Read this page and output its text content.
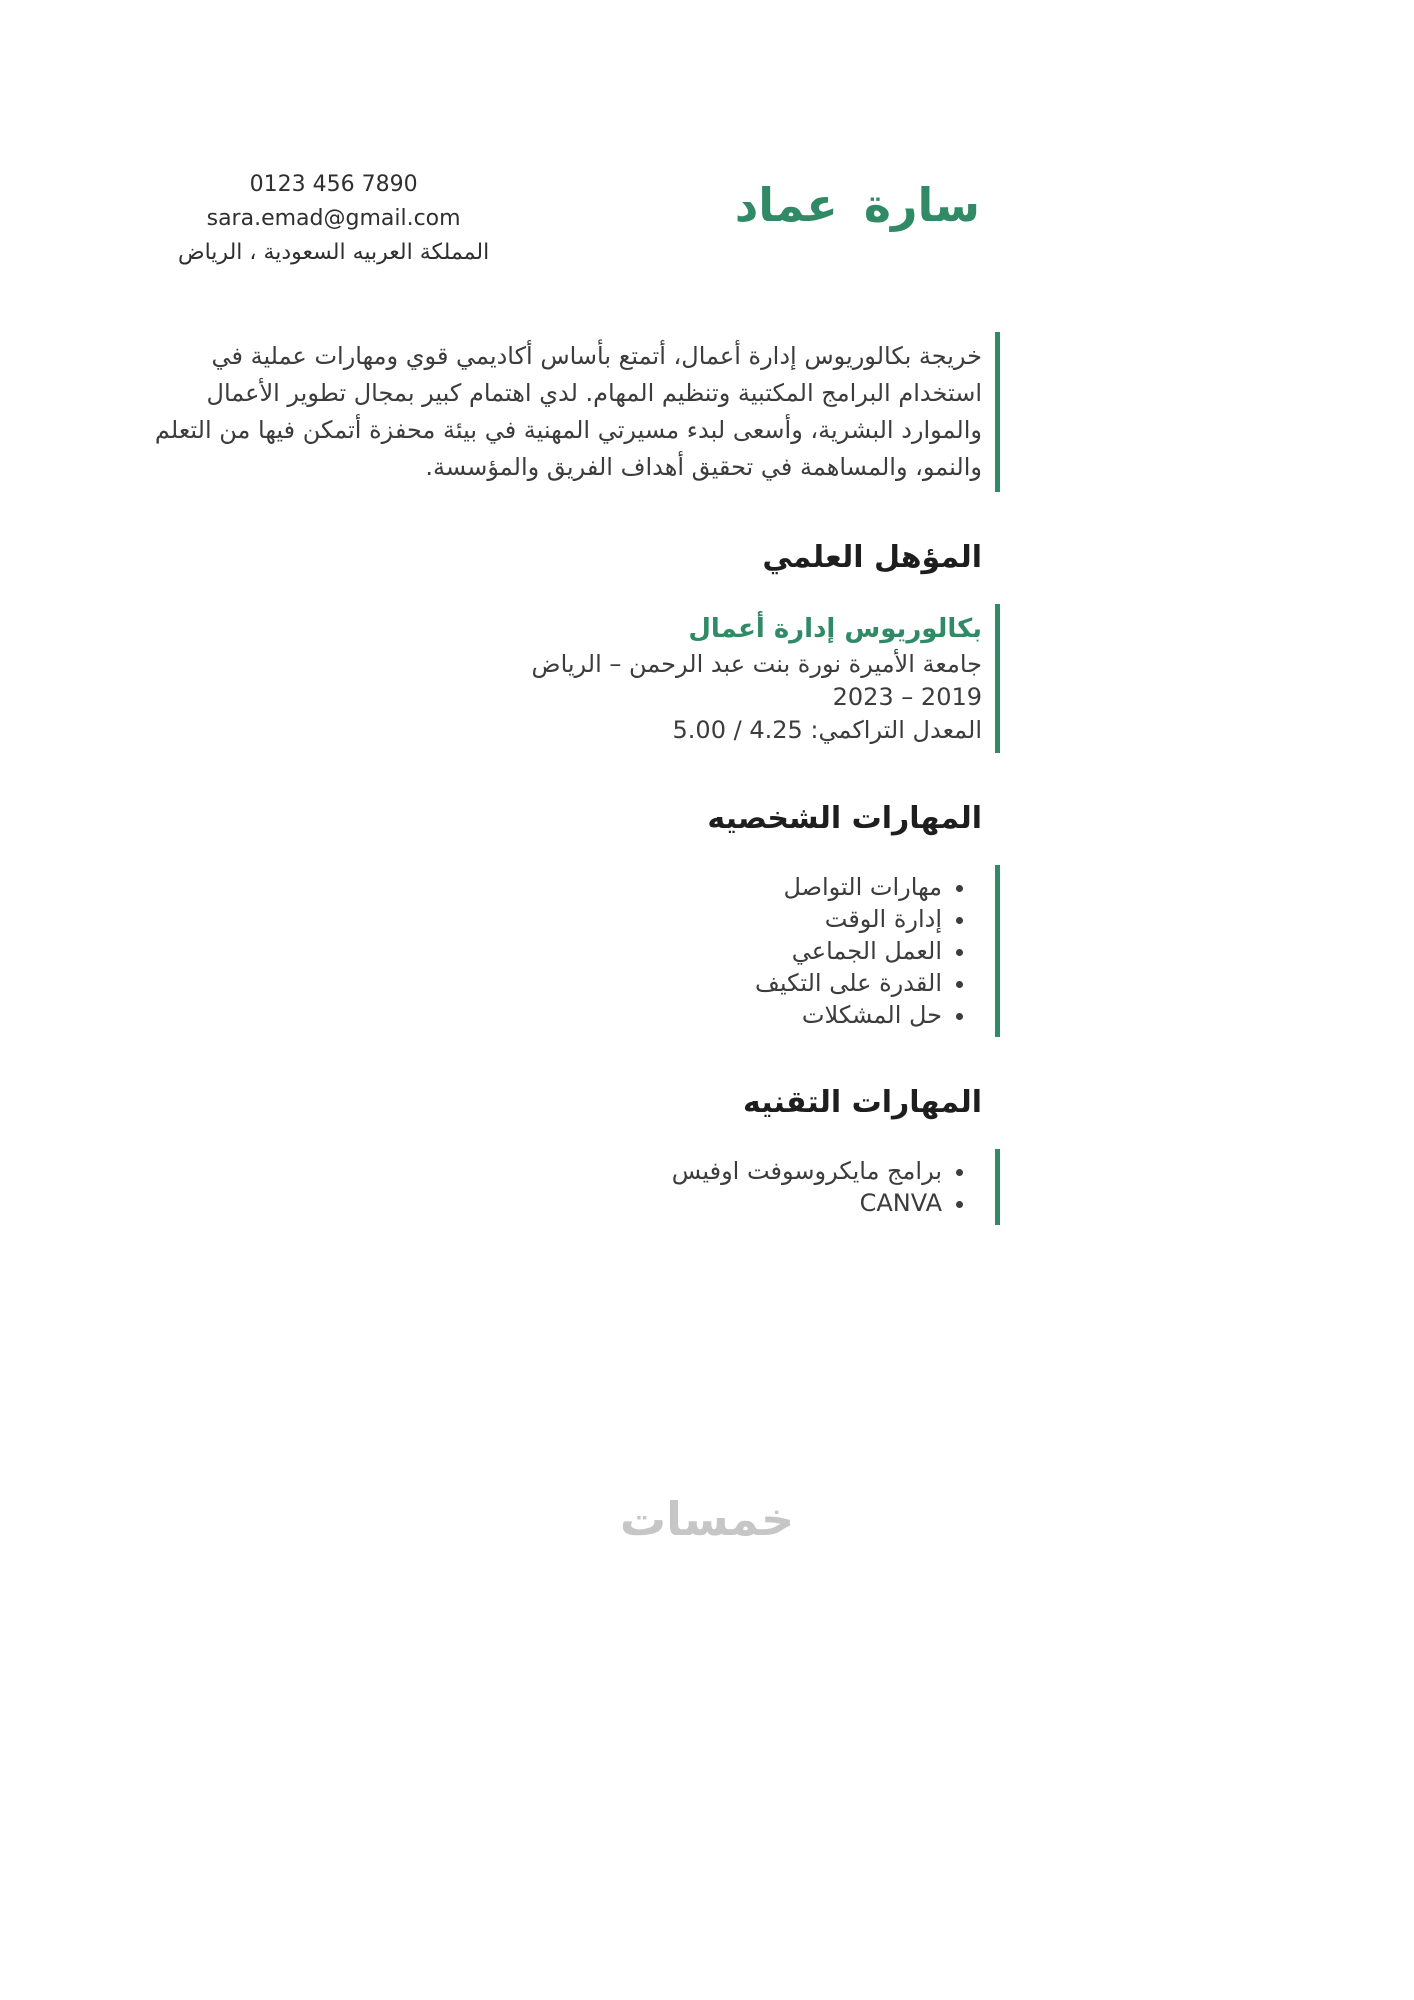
سارة عماد
0123 456 7890
sara.emad@gmail.com
المملكة العربيه السعودية ، الرياض

خريجة بكالوريوس إدارة أعمال، أتمتع بأساس أكاديمي قوي ومهارات عملية في استخدام البرامج المكتبية وتنظيم المهام. لدي اهتمام كبير بمجال تطوير الأعمال والموارد البشرية، وأسعى لبدء مسيرتي المهنية في بيئة محفزة أتمكن فيها من التعلم والنمو، والمساهمة في تحقيق أهداف الفريق والمؤسسة.

المؤهل العلمي
بكالوريوس إدارة أعمال
جامعة الأميرة نورة بنت عبد الرحمن – الرياض
2019 – 2023
المعدل التراكمي: 4.25 / 5.00
المهارات الشخصيه
• مهارات التواصل
• إدارة الوقت
• العمل الجماعي
• القدرة على التكيف
• حل المشكلات
المهارات التقنيه
• برامج مايكروسوفت اوفيس
• CANVA
خمسات
